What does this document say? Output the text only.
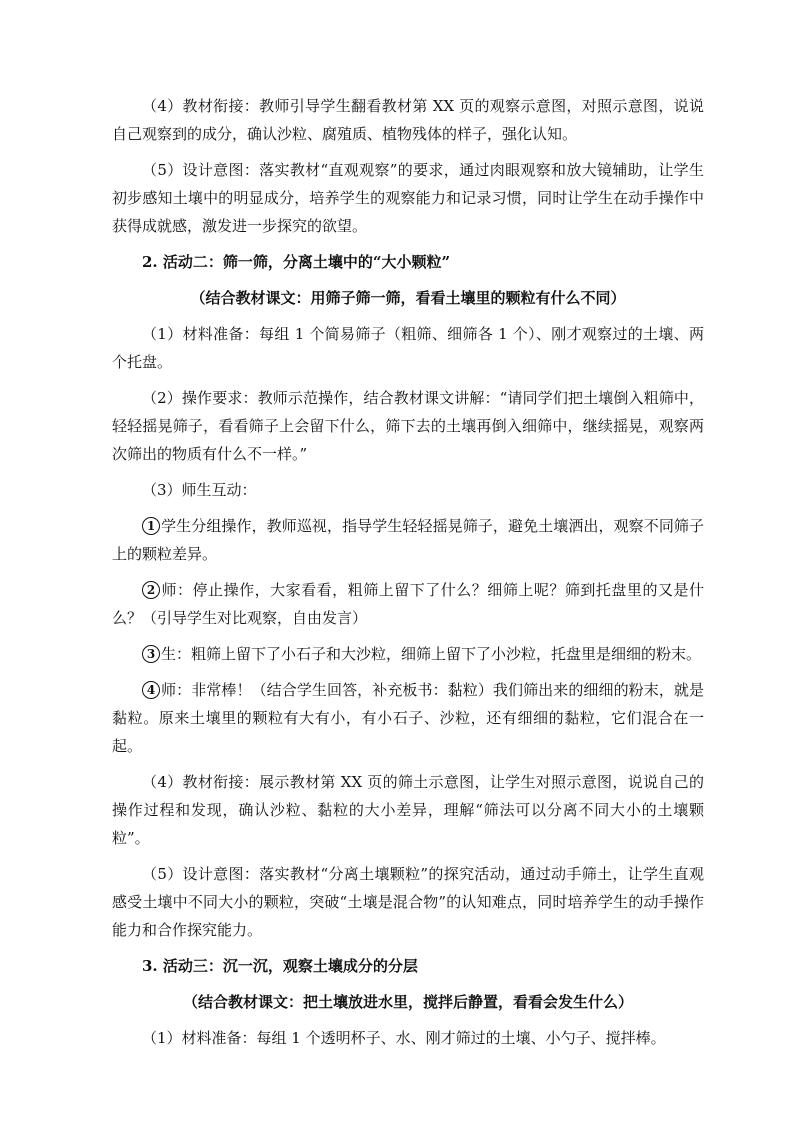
（4）教材衔接：教师引导学生翻看教材第 XX 页的观察示意图，对照示意图，说说自己观察到的成分，确认沙粒、腐殖质、植物残体的样子，强化认知。

（5）设计意图：落实教材“直观观察”的要求，通过肉眼观察和放大镜辅助，让学生初步感知土壤中的明显成分，培养学生的观察能力和记录习惯，同时让学生在动手操作中获得成就感，激发进一步探究的欲望。

2. 活动二：筛一筛，分离土壤中的“大小颗粒”

（结合教材课文：用筛子筛一筛，看看土壤里的颗粒有什么不同）

（1）材料准备：每组 1 个简易筛子（粗筛、细筛各 1 个）、刚才观察过的土壤、两个托盘。

（2）操作要求：教师示范操作，结合教材课文讲解：“请同学们把土壤倒入粗筛中，轻轻摇晃筛子，看看筛子上会留下什么，筛下去的土壤再倒入细筛中，继续摇晃，观察两次筛出的物质有什么不一样。”

（3）师生互动：

1 学生分组操作，教师巡视，指导学生轻轻摇晃筛子，避免土壤洒出，观察不同筛子上的颗粒差异。

2 师：停止操作，大家看看，粗筛上留下了什么？细筛上呢？筛到托盘里的又是什么？（引导学生对比观察，自由发言）

3 生：粗筛上留下了小石子和大沙粒，细筛上留下了小沙粒，托盘里是细细的粉末。

4 师：非常棒！（结合学生回答，补充板书：黏粒）我们筛出来的细细的粉末，就是黏粒。原来土壤里的颗粒有大有小，有小石子、沙粒，还有细细的黏粒，它们混合在一起。

（4）教材衔接：展示教材第 XX 页的筛土示意图，让学生对照示意图，说说自己的操作过程和发现，确认沙粒、黏粒的大小差异，理解“筛法可以分离不同大小的土壤颗粒”。

（5）设计意图：落实教材“分离土壤颗粒”的探究活动，通过动手筛土，让学生直观感受土壤中不同大小的颗粒，突破“土壤是混合物”的认知难点，同时培养学生的动手操作能力和合作探究能力。

3. 活动三：沉一沉，观察土壤成分的分层

（结合教材课文：把土壤放进水里，搅拌后静置，看看会发生什么）

（1）材料准备：每组 1 个透明杯子、水、刚才筛过的土壤、小勺子、搅拌棒。
